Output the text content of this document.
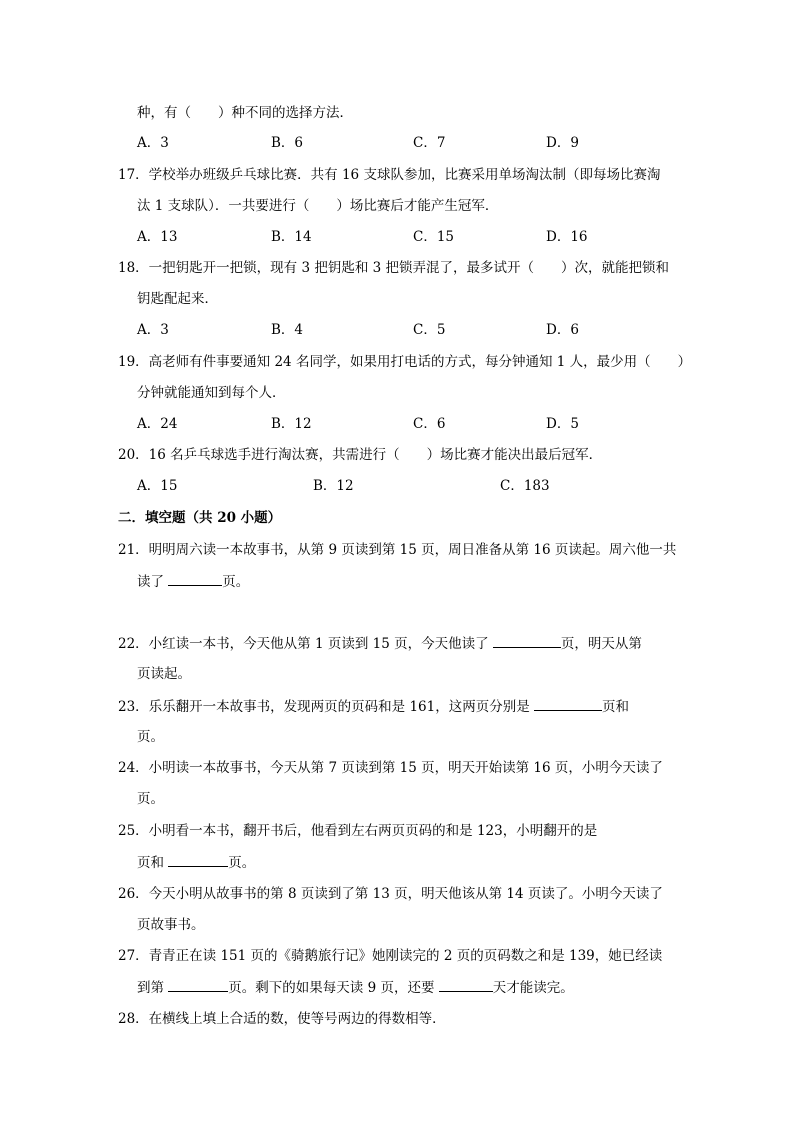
种，有（　　）种不同的选择方法．
A．3	B．6	C．7	D．9
17．学校举办班级乒乓球比赛．共有 16 支球队参加，比赛采用单场淘汰制（即每场比赛淘
汰 1 支球队）．一共要进行（　　）场比赛后才能产生冠军．
A．13	B．14	C．15	D．16
18．一把钥匙开一把锁，现有 3 把钥匙和 3 把锁弄混了，最多试开（　　）次，就能把锁和
钥匙配起来．
A．3	B．4	C．5	D．6
19．高老师有件事要通知 24 名同学，如果用打电话的方式，每分钟通知 1 人，最少用（　　）
分钟就能通知到每个人．
A．24	B．12	C．6	D．5
20．16 名乒乓球选手进行淘汰赛，共需进行（　　）场比赛才能决出最后冠军．
A．15	B．12	C．183
二．填空题（共 20 小题）
21．明明周六读一本故事书，从第 9 页读到第 15 页，周日准备从第 16 页读起。周六他一共
读了	页。
22．小红读一本书，今天他从第 1 页读到 15 页，今天他读了	页，明天从第
页读起。
23．乐乐翻开一本故事书，发现两页的页码和是 161，这两页分别是	页和
页。
24．小明读一本故事书，今天从第 7 页读到第 15 页，明天开始读第 16 页，小明今天读了
页。
25．小明看一本书，翻开书后，他看到左右两页页码的和是 123，小明翻开的是
页和	页。
26．今天小明从故事书的第 8 页读到了第 13 页，明天他该从第 14 页读了。小明今天读了
页故事书。
27．青青正在读 151 页的《骑鹅旅行记》她刚读完的 2 页的页码数之和是 139，她已经读
到第	页。剩下的如果每天读 9 页，还要	天才能读完。
28．在横线上填上合适的数，使等号两边的得数相等．
